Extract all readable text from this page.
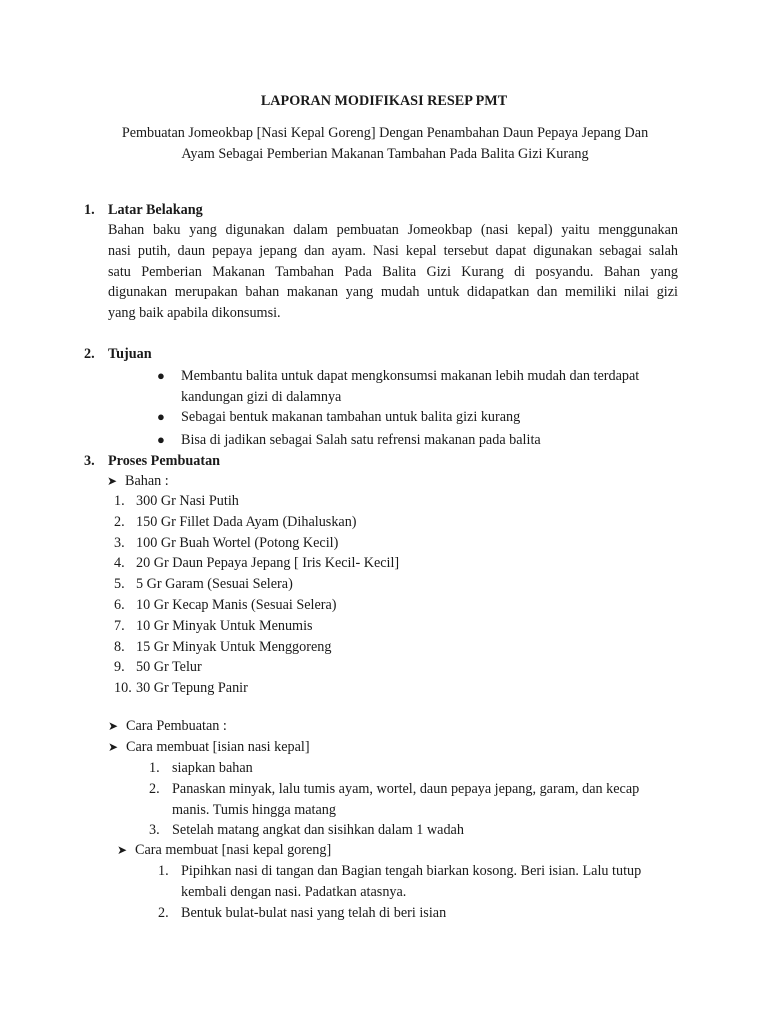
LAPORAN MODIFIKASI RESEP PMT
Pembuatan Jomeokbap [Nasi Kepal Goreng] Dengan Penambahan Daun Pepaya Jepang Dan
Ayam Sebagai Pemberian Makanan Tambahan Pada Balita Gizi Kurang
1. Latar Belakang
Bahan baku yang digunakan dalam pembuatan Jomeokbap (nasi kepal) yaitu menggunakan
nasi putih, daun pepaya jepang dan ayam. Nasi kepal tersebut dapat digunakan sebagai salah
satu Pemberian Makanan Tambahan Pada Balita Gizi Kurang di posyandu. Bahan yang
digunakan merupakan bahan makanan yang mudah untuk didapatkan dan memiliki nilai gizi
yang baik apabila dikonsumsi.
2. Tujuan
● Membantu balita untuk dapat mengkonsumsi makanan lebih mudah dan terdapat
kandungan gizi di dalamnya
● Sebagai bentuk makanan tambahan untuk balita gizi kurang
● Bisa di jadikan sebagai Salah satu refrensi makanan pada balita
3. Proses Pembuatan
➤ Bahan :
1. 300 Gr Nasi Putih
2. 150 Gr Fillet Dada Ayam (Dihaluskan)
3. 100 Gr Buah Wortel (Potong Kecil)
4. 20 Gr Daun Pepaya Jepang [ Iris Kecil- Kecil]
5. 5 Gr Garam (Sesuai Selera)
6. 10 Gr Kecap Manis (Sesuai Selera)
7. 10 Gr Minyak Untuk Menumis
8. 15 Gr Minyak Untuk Menggoreng
9. 50 Gr Telur
10. 30 Gr Tepung Panir
➤ Cara Pembuatan :
➤ Cara membuat [isian nasi kepal]
1. siapkan bahan
2. Panaskan minyak, lalu tumis ayam, wortel, daun pepaya jepang, garam, dan kecap
manis. Tumis hingga matang
3. Setelah matang angkat dan sisihkan dalam 1 wadah
➤ Cara membuat [nasi kepal goreng]
1. Pipihkan nasi di tangan dan Bagian tengah biarkan kosong. Beri isian. Lalu tutup
kembali dengan nasi. Padatkan atasnya.
2. Bentuk bulat-bulat nasi yang telah di beri isian
